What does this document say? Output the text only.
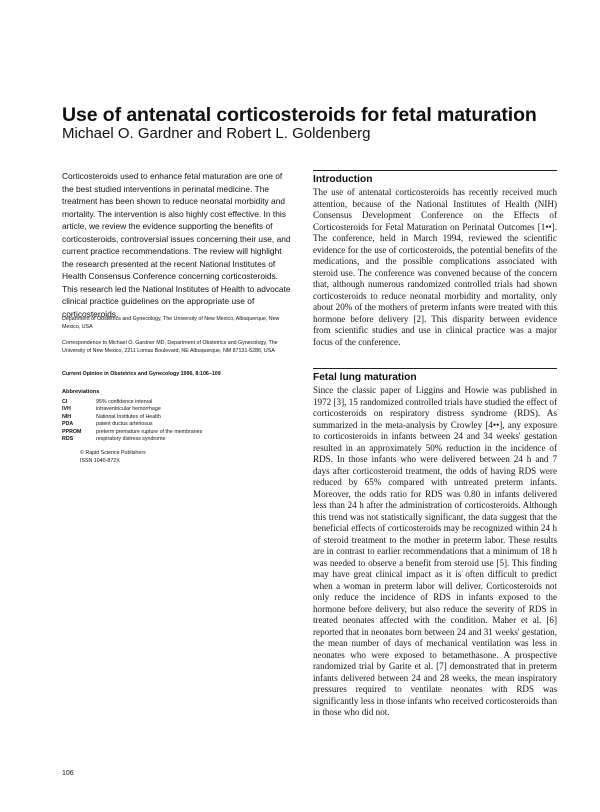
Use of antenatal corticosteroids for fetal maturation
Michael O. Gardner and Robert L. Goldenberg
Corticosteroids used to enhance fetal maturation are one of the best studied interventions in perinatal medicine. The treatment has been shown to reduce neonatal morbidity and mortality. The intervention is also highly cost effective. In this article, we review the evidence supporting the benefits of corticosteroids, controversial issues concerning their use, and current practice recommendations. The review will highlight the research presented at the recent National Institutes of Health Consensus Conference concerning corticosteroids. This research led the National Institutes of Health to advocate clinical practice guidelines on the appropriate use of corticosteroids.
Department of Obstetrics and Gynecology, The University of New Mexico, Albuquerque, New Mexico, USA
Correspondence to Michael O. Gardner MD, Department of Obstetrics and Gynecology, The University of New Mexico, 2211 Lomas Boulevard, NE Albuquerque, NM 87131-5286, USA
Current Opinion in Obstetrics and Gynecology 1996, 8:106–109
Abbreviations
CI	95% confidence interval
IVH	intraventricular hemorrhage
NIH	National Institutes of Health
PDA	patent ductus arteriosus
PPROM	preterm premature rupture of the membranes
RDS	respiratory distress syndrome
© Rapid Science Publishers
ISSN 1040-872X
Introduction

The use of antenatal corticosteroids has recently received much attention, because of the National Institutes of Health (NIH) Consensus Development Conference on the Effects of Corticosteroids for Fetal Maturation on Perinatal Outcomes [1••]. The conference, held in March 1994, reviewed the scientific evidence for the use of corticosteroids, the potential benefits of the medications, and the possible complications associated with steroid use. The conference was convened because of the concern that, although numerous randomized controlled trials had shown corticosteroids to reduce neonatal morbidity and mortality, only about 20% of the mothers of preterm infants were treated with this hormone before delivery [2]. This disparity between evidence from scientific studies and use in clinical practice was a major focus of the conference.

Fetal lung maturation

Since the classic paper of Liggins and Howie was published in 1972 [3], 15 randomized controlled trials have studied the effect of corticosteroids on respiratory distress syndrome (RDS). As summarized in the meta-analysis by Crowley [4••], any exposure to corticosteroids in infants between 24 and 34 weeks' gestation resulted in an approximately 50% reduction in the incidence of RDS. In those infants who were delivered between 24 h and 7 days after corticosteroid treatment, the odds of having RDS were reduced by 65% compared with untreated preterm infants. Moreover, the odds ratio for RDS was 0.80 in infants delivered less than 24 h after the administration of corticosteroids. Although this trend was not statistically significant, the data suggest that the beneficial effects of corticosteroids may be recognized within 24 h of steroid treatment to the mother in preterm labor. These results are in contrast to earlier recommendations that a minimum of 18 h was needed to observe a benefit from steroid use [5]. This finding may have great clinical impact as it is often difficult to predict when a woman in preterm labor will deliver. Corticosteroids not only reduce the incidence of RDS in infants exposed to the hormone before delivery, but also reduce the severity of RDS in treated neonates affected with the condition. Maher et al. [6] reported that in neonates born between 24 and 31 weeks' gestation, the mean number of days of mechanical ventilation was less in neonates who were exposed to betamethasone. A prospective randomized trial by Garite et al. [7] demonstrated that in preterm infants delivered between 24 and 28 weeks, the mean inspiratory pressures required to ventilate neonates with RDS was significantly less in those infants who received corticosteroids than in those who did not.

106
